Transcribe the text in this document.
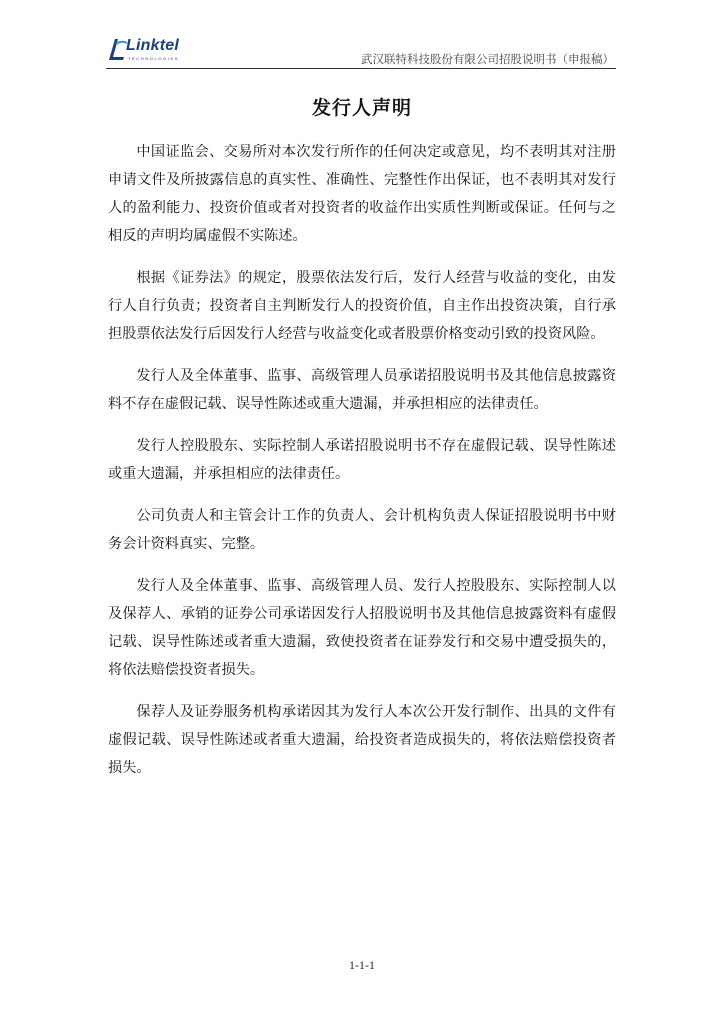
Linktel
TECHNOLOGIES	武汉联特科技股份有限公司招股说明书（申报稿）
发行人声明

中国证监会、交易所对本次发行所作的任何决定或意见，均不表明其对注册申请文件及所披露信息的真实性、准确性、完整性作出保证，也不表明其对发行人的盈利能力、投资价值或者对投资者的收益作出实质性判断或保证。任何与之相反的声明均属虚假不实陈述。

根据《证券法》的规定，股票依法发行后，发行人经营与收益的变化，由发行人自行负责；投资者自主判断发行人的投资价值，自主作出投资决策，自行承担股票依法发行后因发行人经营与收益变化或者股票价格变动引致的投资风险。

发行人及全体董事、监事、高级管理人员承诺招股说明书及其他信息披露资料不存在虚假记载、误导性陈述或重大遗漏，并承担相应的法律责任。

发行人控股股东、实际控制人承诺招股说明书不存在虚假记载、误导性陈述或重大遗漏，并承担相应的法律责任。

公司负责人和主管会计工作的负责人、会计机构负责人保证招股说明书中财务会计资料真实、完整。

发行人及全体董事、监事、高级管理人员、发行人控股股东、实际控制人以及保荐人、承销的证券公司承诺因发行人招股说明书及其他信息披露资料有虚假记载、误导性陈述或者重大遗漏，致使投资者在证券发行和交易中遭受损失的，将依法赔偿投资者损失。

保荐人及证券服务机构承诺因其为发行人本次公开发行制作、出具的文件有虚假记载、误导性陈述或者重大遗漏，给投资者造成损失的，将依法赔偿投资者损失。

1-1-1
